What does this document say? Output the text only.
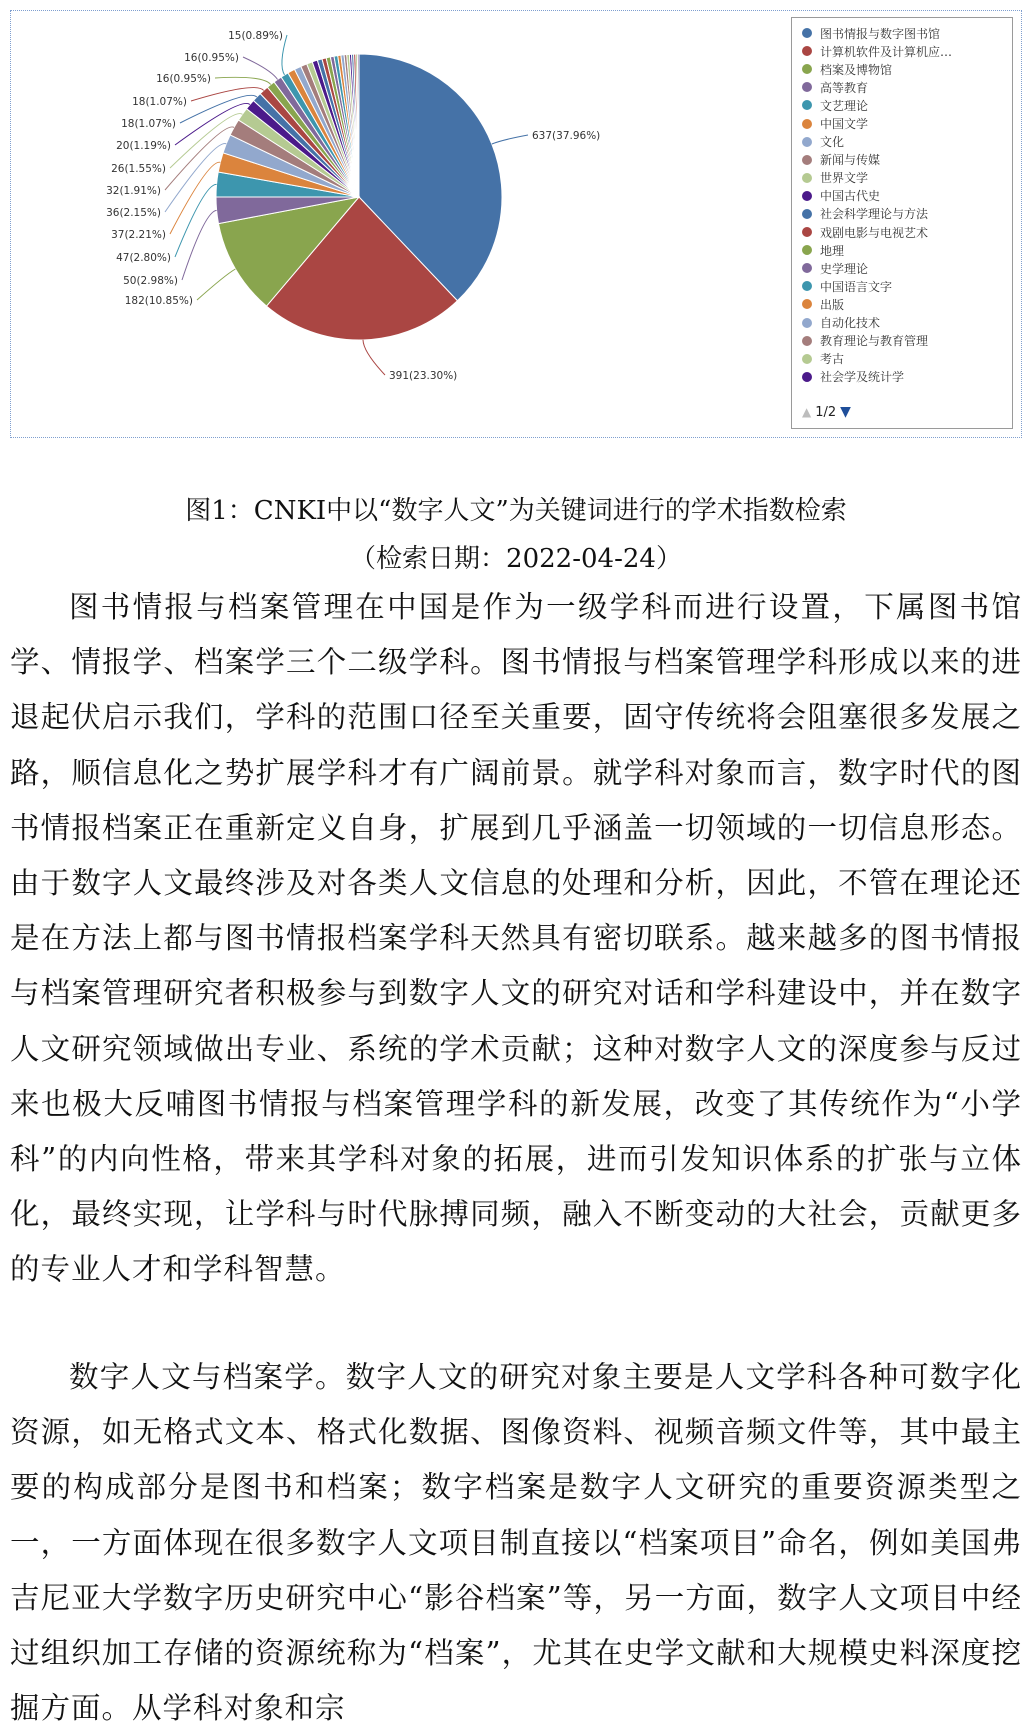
637(37.96%)
391(23.30%)
182(10.85%)
50(2.98%)
47(2.80%)
37(2.21%)
36(2.15%)
32(1.91%)
26(1.55%)
20(1.19%)
18(1.07%)
18(1.07%)
16(0.95%)
16(0.95%)
15(0.89%)	图书情报与数字图书馆
计算机软件及计算机应…
档案及博物馆
高等教育
文艺理论
中国文学
文化
新闻与传媒
世界文学
中国古代史
社会科学理论与方法
戏剧电影与电视艺术
地理
史学理论
中国语言文字
出版
自动化技术
教育理论与教育管理
考古
社会学及统计学
▲ 1/2 ▼
图1：CNKI中以“数字人文”为关键词进行的学术指数检索
（检索日期：2022-04-24）

图书情报与档案管理在中国是作为一级学科而进行设置，下属图书馆学、情报学、档案学三个二级学科。图书情报与档案管理学科形成以来的进退起伏启示我们，学科的范围口径至关重要，固守传统将会阻塞很多发展之路，顺信息化之势扩展学科才有广阔前景。就学科对象而言，数字时代的图书情报档案正在重新定义自身，扩展到几乎涵盖一切领域的一切信息形态。由于数字人文最终涉及对各类人文信息的处理和分析，因此，不管在理论还是在方法上都与图书情报档案学科天然具有密切联系。越来越多的图书情报与档案管理研究者积极参与到数字人文的研究对话和学科建设中，并在数字人文研究领域做出专业、系统的学术贡献；这种对数字人文的深度参与反过来也极大反哺图书情报与档案管理学科的新发展，改变了其传统作为“小学科”的内向性格，带来其学科对象的拓展，进而引发知识体系的扩张与立体化，最终实现，让学科与时代脉搏同频，融入不断变动的大社会，贡献更多的专业人才和学科智慧。

数字人文与档案学。数字人文的研究对象主要是人文学科各种可数字化资源，如无格式文本、格式化数据、图像资料、视频音频文件等，其中最主要的构成部分是图书和档案；数字档案是数字人文研究的重要资源类型之一，一方面体现在很多数字人文项目制直接以“档案项目”命名，例如美国弗吉尼亚大学数字历史研究中心“影谷档案”等，另一方面，数字人文项目中经过组织加工存储的资源统称为“档案”，尤其在史学文献和大规模史料深度挖掘方面。从学科对象和宗
